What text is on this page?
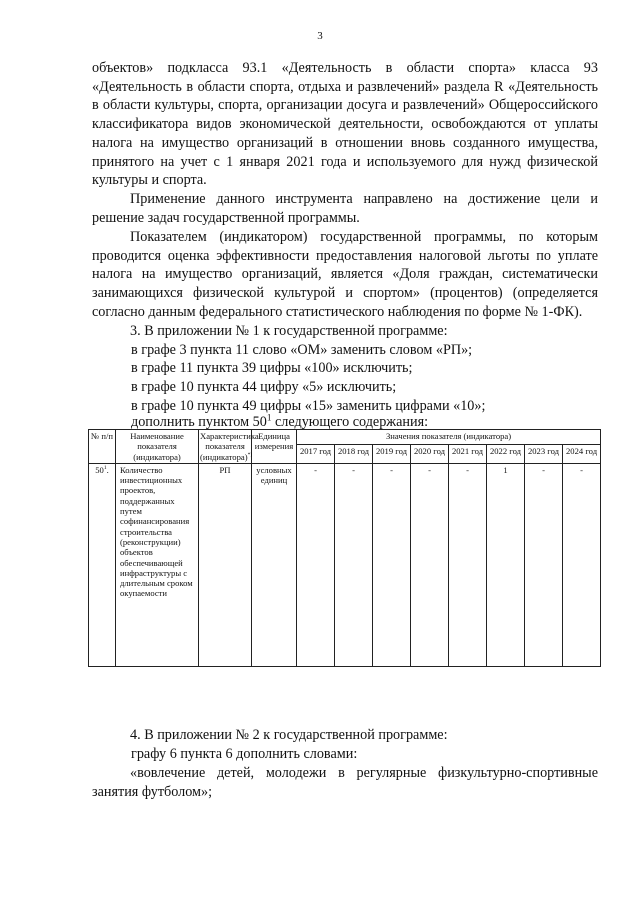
3

объектов» подкласса 93.1 «Деятельность в области спорта» класса 93 «Деятельность в области спорта, отдыха и развлечений» раздела R «Деятельность в области культуры, спорта, организации досуга и развлечений» Общероссийского классификатора видов экономической деятельности, освобождаются от уплаты налога на имущество организаций в отношении вновь созданного имущества, принятого на учет с 1 января 2021 года и используемого для нужд физической культуры и спорта.

Применение данного инструмента направлено на достижение цели и решение задач государственной программы.

Показателем (индикатором) государственной программы, по которым проводится оценка эффективности предоставления налоговой льготы по уплате налога на имущество организаций, является «Доля граждан, систематически занимающихся физической культурой и спортом» (процентов) (определяется согласно данным федерального статистического наблюдения по форме № 1-ФК).

3. В приложении № 1 к государственной программе:

в графе 3 пункта 11 слово «ОМ» заменить словом «РП»;
в графе 11 пункта 39 цифры «100» исключить;
в графе 10 пункта 44 цифру «5» исключить;
в графе 10 пункта 49 цифры «15» заменить цифрами «10»;
дополнить пунктом $50^1$ следующего содержания:
№ п/п	Наименование показателя (индикатора)	Характеристика показателя (индикатора)*)	Единица измерения	Значения показателя (индикатора)							
				2017 год	2018 год	2019 год	2020 год	2021 год	2022 год	2023 год	2024 год
$50^1$.	Количество инвестиционных проектов, поддержанных путем софинансирования строительства (реконструкции) объектов обеспечивающей инфраструктуры с длительным сроком окупаемости	РП	условных единиц	-	-	-	-	-	1	-	-

4. В приложении № 2 к государственной программе:

графу 6 пункта 6 дополнить словами:

«вовлечение детей, молодежи в регулярные физкультурно-спортивные занятия футболом»;
